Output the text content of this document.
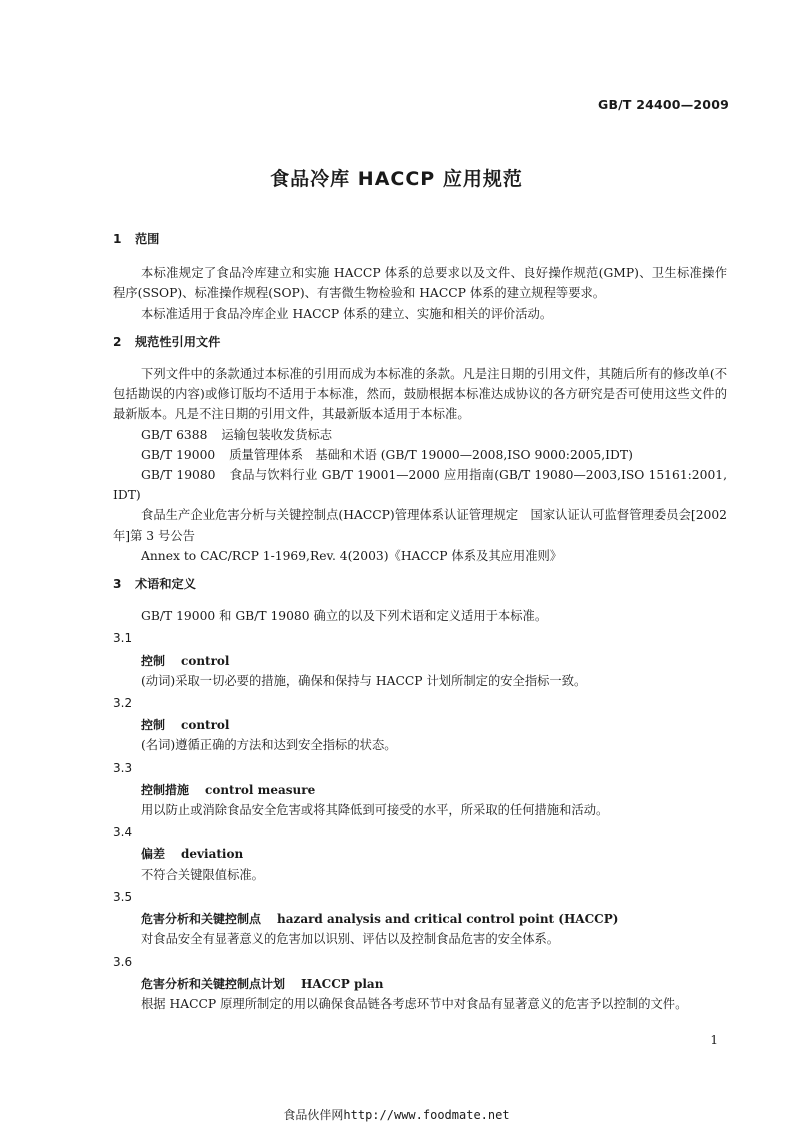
GB/T 24400—2009
食品冷库 HACCP 应用规范

1 范围

本标准规定了食品冷库建立和实施 HACCP 体系的总要求以及文件、良好操作规范(GMP)、卫生标准操作程序(SSOP)、标准操作规程(SOP)、有害微生物检验和 HACCP 体系的建立规程等要求。

本标准适用于食品冷库企业 HACCP 体系的建立、实施和相关的评价活动。

2 规范性引用文件

下列文件中的条款通过本标准的引用而成为本标准的条款。凡是注日期的引用文件，其随后所有的修改单(不包括勘误的内容)或修订版均不适用于本标准，然而，鼓励根据本标准达成协议的各方研究是否可使用这些文件的最新版本。凡是不注日期的引用文件，其最新版本适用于本标准。

GB/T 6388 运输包装收发货标志

GB/T 19000 质量管理体系　基础和术语 (GB/T 19000—2008,ISO 9000:2005,IDT)

GB/T 19080 食品与饮料行业 GB/T 19001—2000 应用指南(GB/T 19080—2003,ISO 15161:2001,IDT)

食品生产企业危害分析与关键控制点(HACCP)管理体系认证管理规定　国家认证认可监督管理委员会[2002 年]第 3 号公告

Annex to CAC/RCP 1-1969,Rev. 4(2003)《HACCP 体系及其应用准则》

3 术语和定义

GB/T 19000 和 GB/T 19080 确立的以及下列术语和定义适用于本标准。

3.1

控制 control

(动词)采取一切必要的措施，确保和保持与 HACCP 计划所制定的安全指标一致。

3.2

控制 control

(名词)遵循正确的方法和达到安全指标的状态。

3.3

控制措施 control measure

用以防止或消除食品安全危害或将其降低到可接受的水平，所采取的任何措施和活动。

3.4

偏差 deviation

不符合关键限值标准。

3.5

危害分析和关键控制点 hazard analysis and critical control point (HACCP)

对食品安全有显著意义的危害加以识别、评估以及控制食品危害的安全体系。

3.6

危害分析和关键控制点计划 HACCP plan

根据 HACCP 原理所制定的用以确保食品链各考虑环节中对食品有显著意义的危害予以控制的文件。

1
食品伙伴网http://www.foodmate.net
